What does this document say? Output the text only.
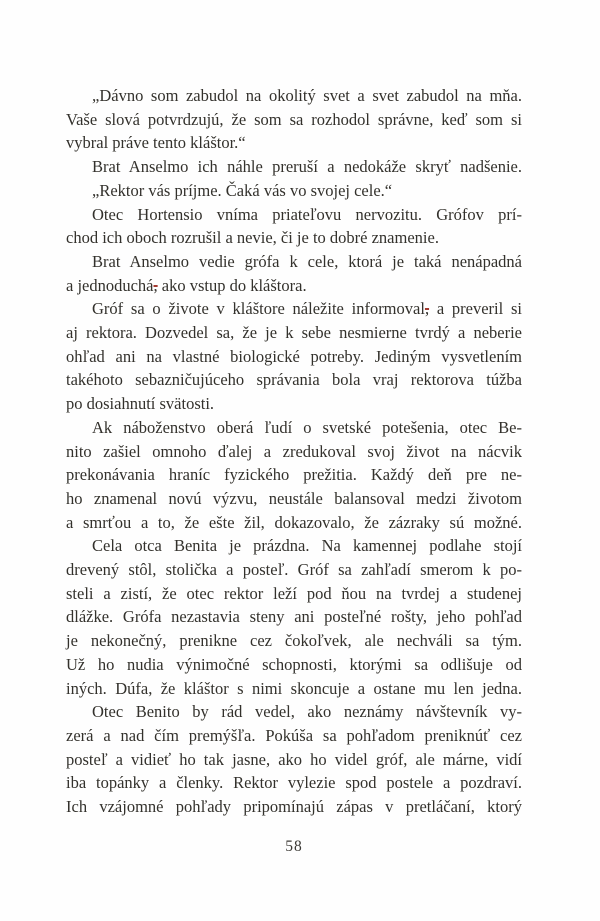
„Dávno som zabudol na okolitý svet a svet zabudol na mňa.
Vaše slová potvrdzujú, že som sa rozhodol správne, keď som si
vybral práve tento kláštor.“
Brat Anselmo ich náhle preruší a nedokáže skryť nadšenie.
„Rektor vás príjme. Čaká vás vo svojej cele.“
Otec Hortensio vníma priateľovu nervozitu. Grófov prí-
chod ich oboch rozrušil a nevie, či je to dobré znamenie.
Brat Anselmo vedie grófa k cele, ktorá je taká nenápadná
a jednoduchá, ako vstup do kláštora.
Gróf sa o živote v kláštore náležite informoval, a preveril si
aj rektora. Dozvedel sa, že je k sebe nesmierne tvrdý a neberie
ohľad ani na vlastné biologické potreby. Jediným vysvetlením
takéhoto sebazničujúceho správania bola vraj rektorova túžba
po dosiahnutí svätosti.
Ak náboženstvo oberá ľudí o svetské potešenia, otec Be-
nito zašiel omnoho ďalej a zredukoval svoj život na nácvik
prekonávania hraníc fyzického prežitia. Každý deň pre ne-
ho znamenal novú výzvu, neustále balansoval medzi životom
a smrťou a to, že ešte žil, dokazovalo, že zázraky sú možné.
Cela otca Benita je prázdna. Na kamennej podlahe stojí
drevený stôl, stolička a posteľ. Gróf sa zahľadí smerom k po-
steli a zistí, že otec rektor leží pod ňou na tvrdej a studenej
dlážke. Grófa nezastavia steny ani posteľné rošty, jeho pohľad
je nekonečný, prenikne cez čokoľvek, ale nechváli sa tým.
Už ho nudia výnimočné schopnosti, ktorými sa odlišuje od
iných. Dúfa, že kláštor s nimi skoncuje a ostane mu len jedna.
Otec Benito by rád vedel, ako neznámy návštevník vy-
zerá a nad čím premýšľa. Pokúša sa pohľadom preniknúť cez
posteľ a vidieť ho tak jasne, ako ho videl gróf, ale márne, vidí
iba topánky a členky. Rektor vylezie spod postele a pozdraví.
Ich vzájomné pohľady pripomínajú zápas v pretláčaní, ktorý
58
